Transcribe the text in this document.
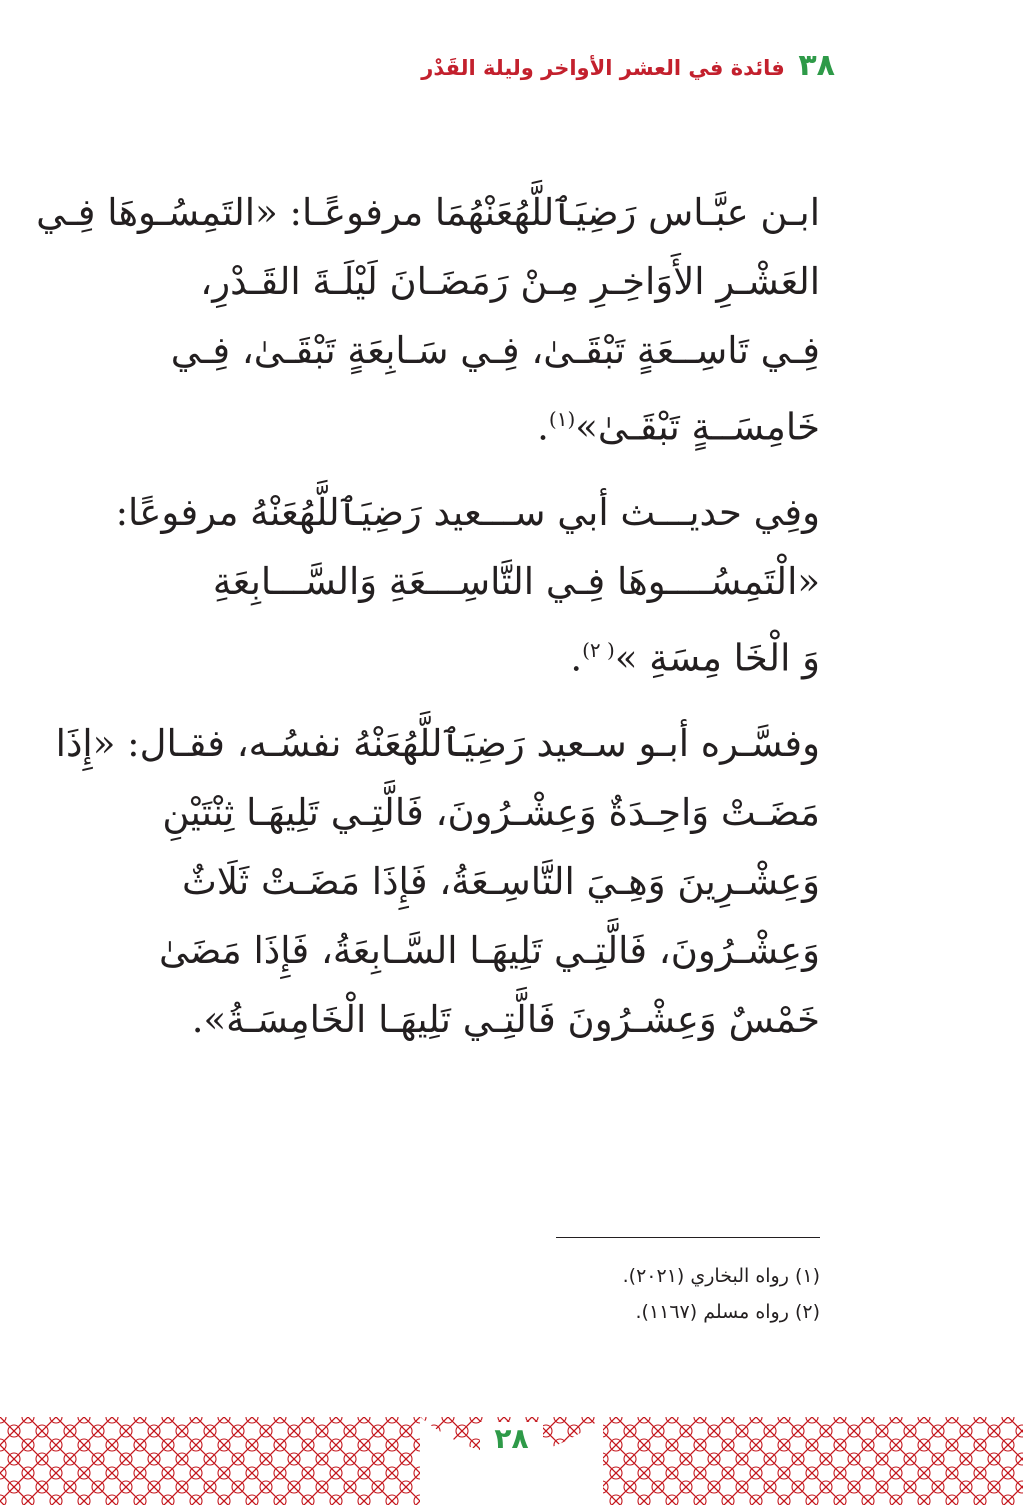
٣٨ فائدة في العشر الأواخر وليلة القَدْر
ابـن عبَّـاس رَضِيَٱللَّهُعَنْهُمَا مرفوعًـا: «التَمِسُـوهَا فِـي
العَشْـرِ الأَوَاخِـرِ مِـنْ رَمَضَـانَ لَيْلَـةَ القَـدْرِ،
فِـي تَاسِــعَةٍ تَبْقَـىٰ، فِـي سَـابِعَةٍ تَبْقَـىٰ، فِـي
خَامِسَــةٍ تَبْقَـىٰ»$^{(١)}$.
وفِي حديـــث أبي ســـعيد رَضِيَٱللَّهُعَنْهُ مرفوعًا:
«الْتَمِسُــــوهَا فِـي التَّاسِـــعَةِ وَالسَّـــابِعَةِ
وَ الْخَا مِسَةِ »$^{( ٢)}$.
وفسَّـره أبـو سـعيد رَضِيَٱللَّهُعَنْهُ نفسُـه، فقـال: «إِذَا
مَضَـتْ وَاحِـدَةٌ وَعِشْـرُونَ، فَالَّتِـي تَلِيهَـا ثِنْتَيْنِ
وَعِشْـرِينَ وَهِـيَ التَّاسِـعَةُ، فَإِذَا مَضَـتْ ثَلَاثٌ
وَعِشْـرُونَ، فَالَّتِـي تَلِيهَـا السَّـابِعَةُ، فَإِذَا مَضَىٰ
خَمْسٌ وَعِشْـرُونَ فَالَّتِـي تَلِيهَـا الْخَامِسَـةُ».
(١) رواه البخاري (٢٠٢١).
(٢) رواه مسلم (١١٦٧).
٢٨
